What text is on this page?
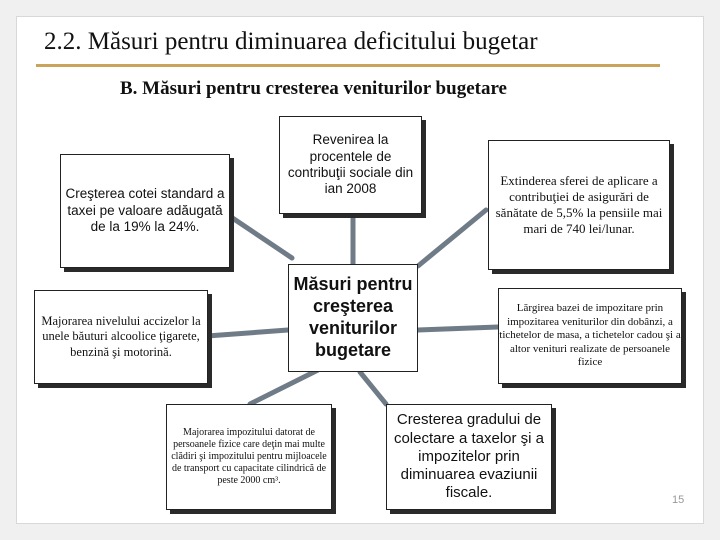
2.2. Măsuri pentru diminuarea deficitului bugetar
B. Măsuri pentru cresterea veniturilor bugetare
Creşterea cotei standard a taxei pe valoare adăugată de la 19% la 24%.
Revenirea la procentele de contribuţii sociale din ian 2008
Extinderea sferei de aplicare a contribuţiei de asigurări de sănătate de 5,5% la pensiile mai mari de 740 lei/lunar.
Majorarea nivelului accizelor la unele băuturi alcoolice ţigarete, benzină şi motorină.
Măsuri pentru creşterea veniturilor bugetare
Lărgirea bazei de impozitare prin impozitarea veniturilor din dobânzi, a tichetelor de masa, a tichetelor cadou şi a altor venituri realizate de persoanele fizice
Majorarea impozitului datorat de persoanele fizice care deţin mai multe clădiri şi impozitului pentru mijloacele de transport cu capacitate cilindrică de peste 2000 cm³.
Cresterea gradului de colectare a taxelor şi a impozitelor prin diminuarea evaziunii fiscale.	15
